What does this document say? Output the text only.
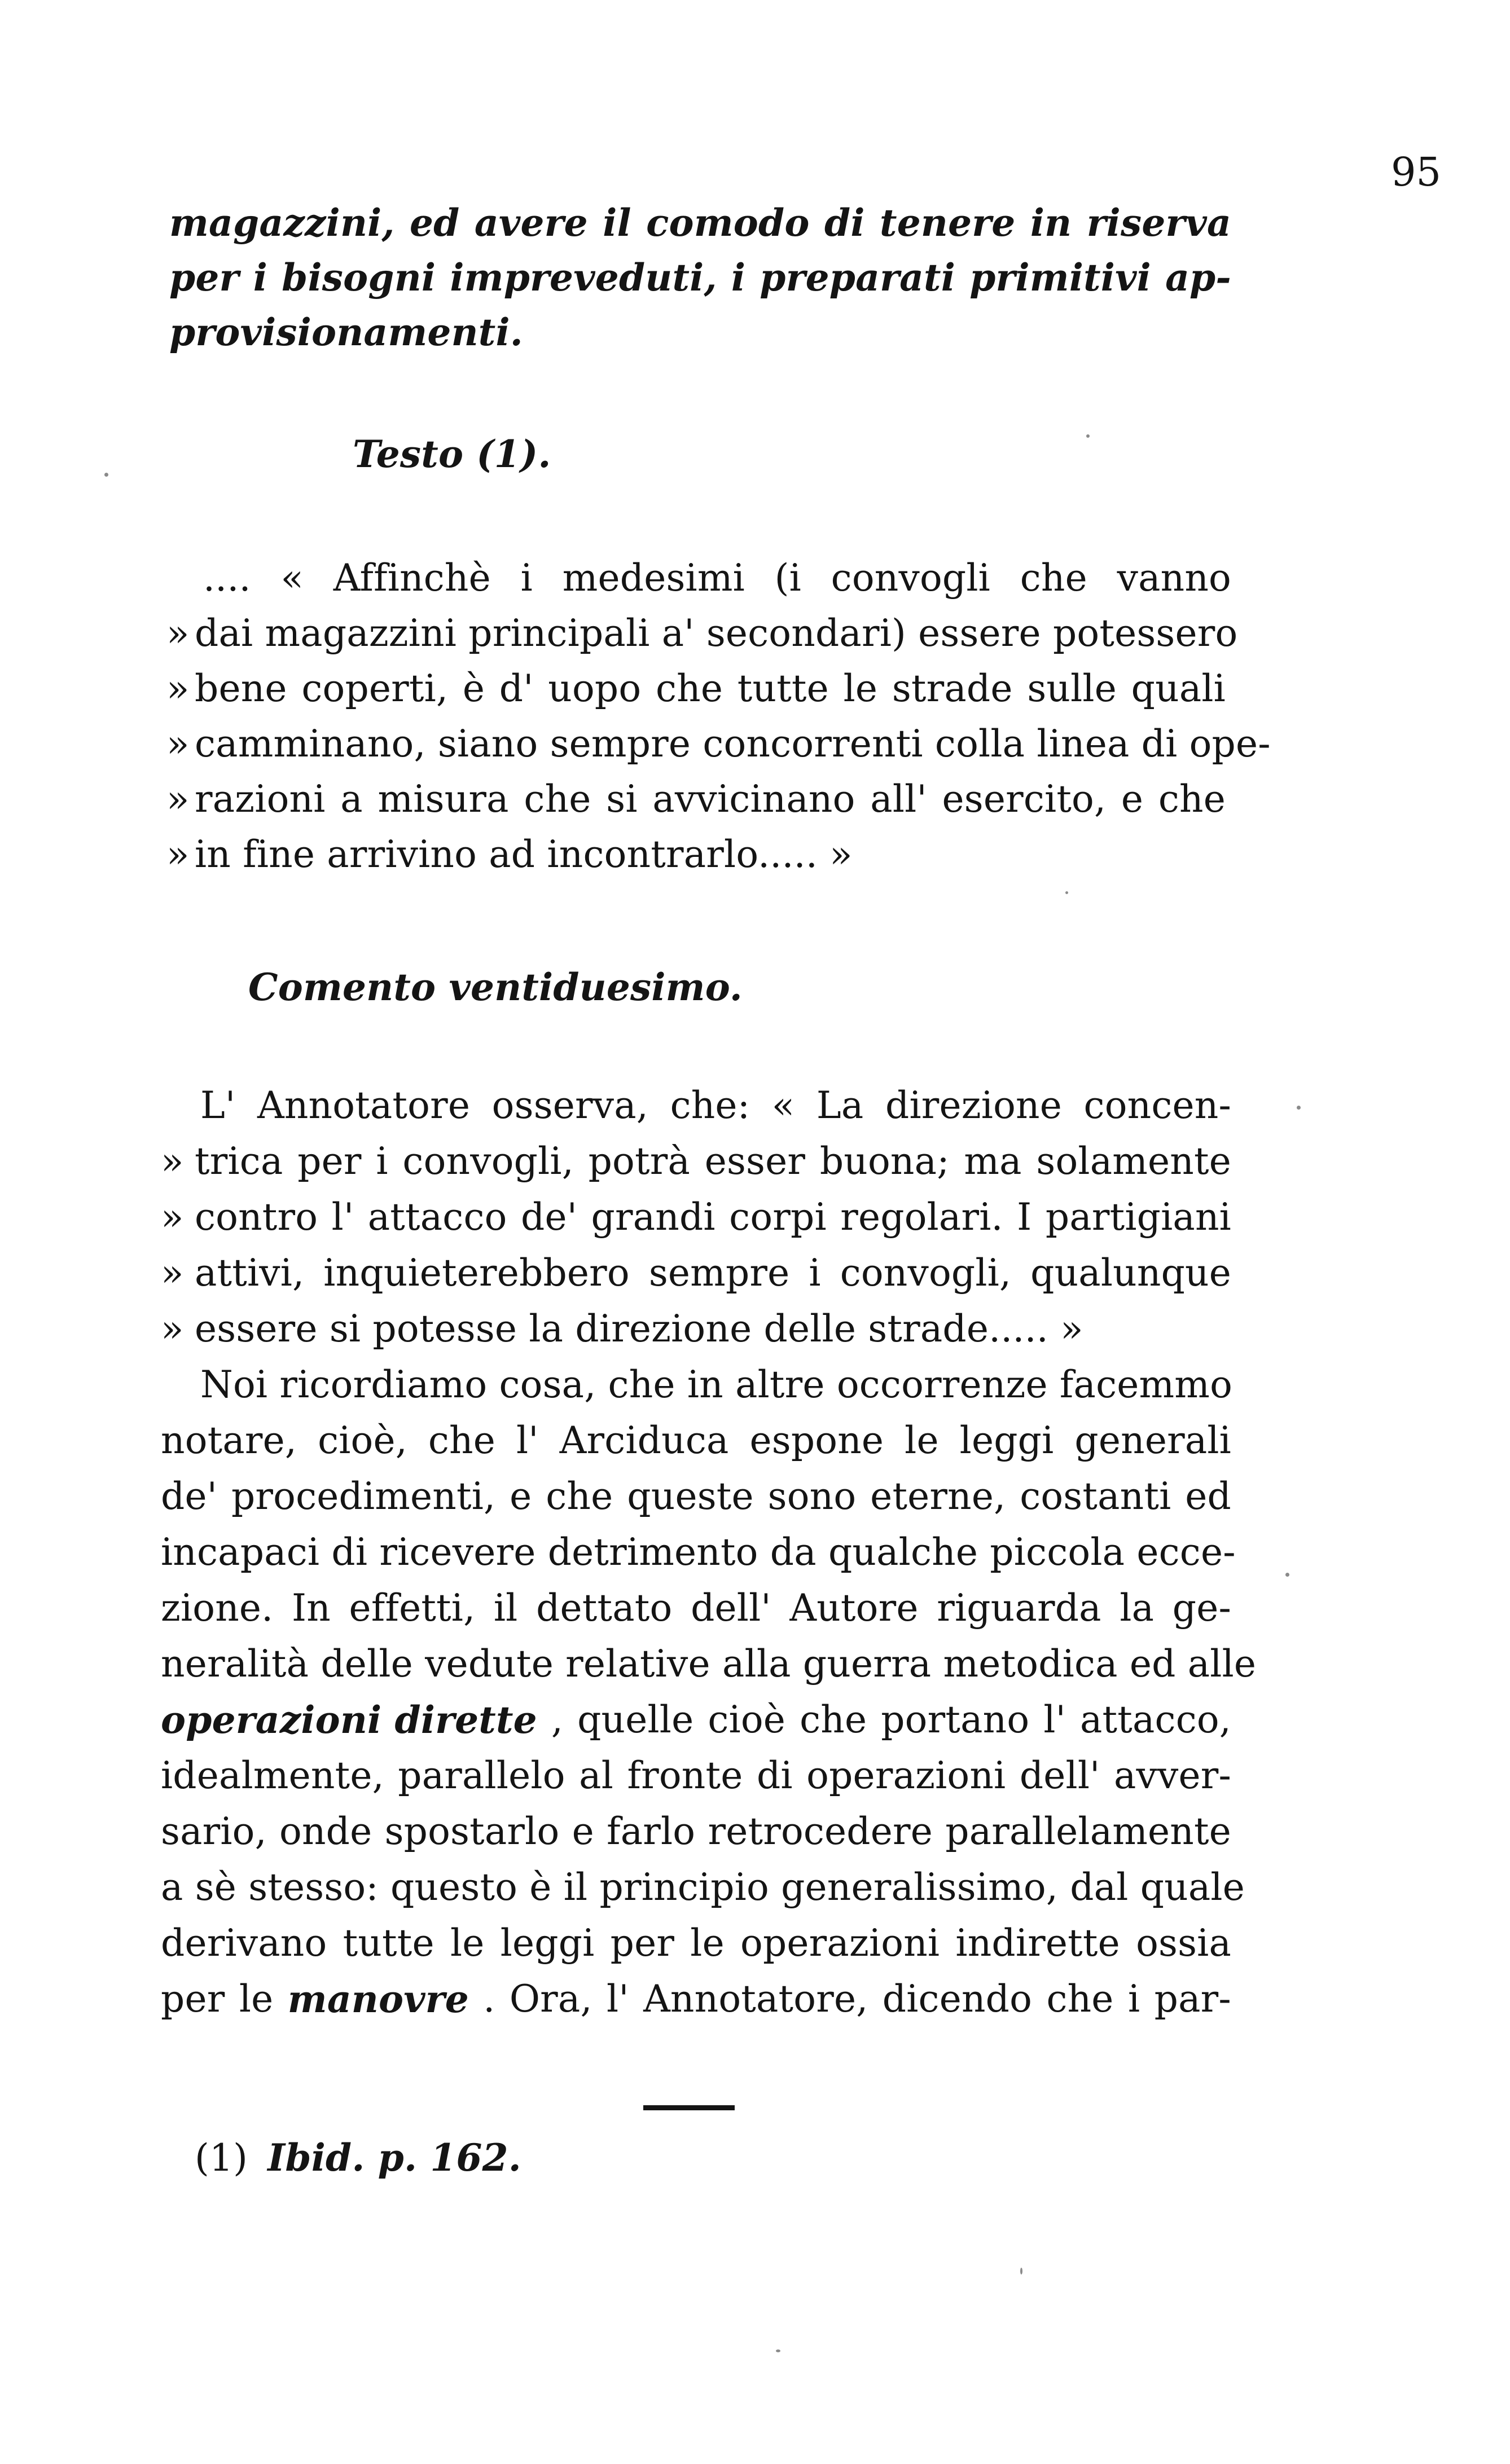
95
magazzini, ed avere il comodo di tenere in riserva
per i bisogni impreveduti, i preparati primitivi ap-
provisionamenti.
Testo (1).
.... « Affinchè i medesimi (i convogli che vanno
» dai magazzini principali a' secondari) essere potessero
» bene coperti, è d' uopo che tutte le strade sulle quali
» camminano, siano sempre concorrenti colla linea di ope-
» razioni a misura che si avvicinano all' esercito, e che
» in fine arrivino ad incontrarlo..... »
Comento ventiduesimo.
L' Annotatore osserva, che: « La direzione concen-
» trica per i convogli, potrà esser buona; ma solamente
» contro l' attacco de' grandi corpi regolari. I partigiani
» attivi, inquieterebbero sempre i convogli, qualunque
» essere si potesse la direzione delle strade..... »
Noi ricordiamo cosa, che in altre occorrenze facemmo
notare, cioè, che l' Arciduca espone le leggi generali
de' procedimenti, e che queste sono eterne, costanti ed
incapaci di ricevere detrimento da qualche piccola ecce-
zione. In effetti, il dettato dell' Autore riguarda la ge-
neralità delle vedute relative alla guerra metodica ed alle
operazioni dirette , quelle cioè che portano l' attacco,
idealmente, parallelo al fronte di operazioni dell' avver-
sario, onde spostarlo e farlo retrocedere parallelamente
a sè stesso: questo è il principio generalissimo, dal quale
derivano tutte le leggi per le operazioni indirette ossia
per le manovre . Ora, l' Annotatore, dicendo che i par-
(1) Ibid. p. 162.
